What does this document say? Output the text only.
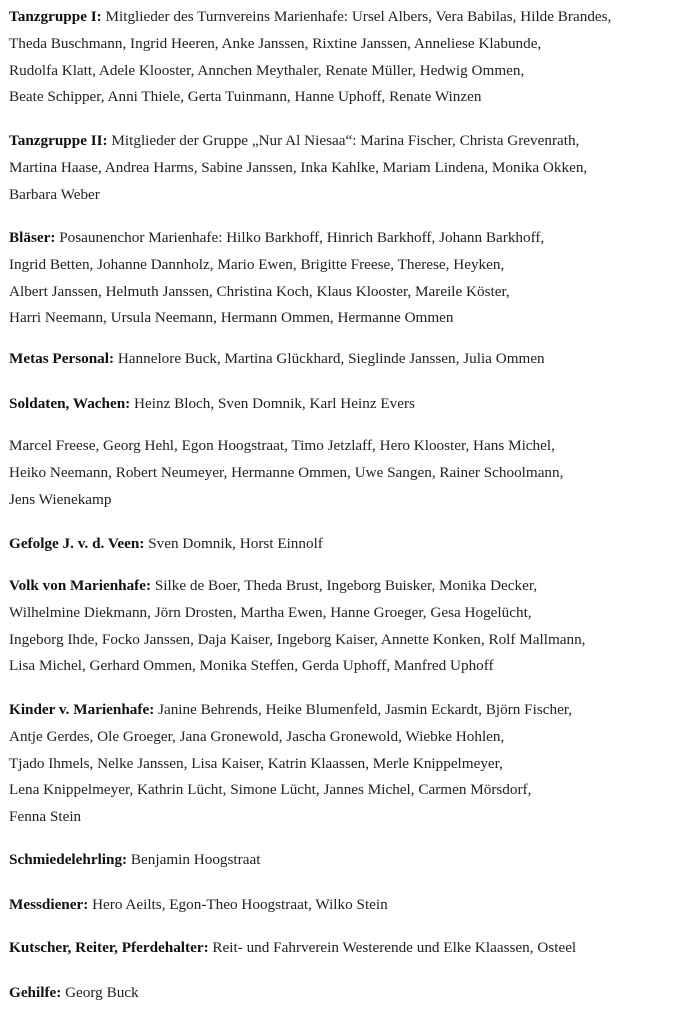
Tanzgruppe I: Mitglieder des Turnvereins Marienhafe: Ursel Albers, Vera Babilas, Hilde Brandes,
Theda Buschmann, Ingrid Heeren, Anke Janssen, Rixtine Janssen, Anneliese Klabunde,
Rudolfa Klatt, Adele Klooster, Annchen Meythaler, Renate Müller, Hedwig Ommen,
Beate Schipper, Anni Thiele, Gerta Tuinmann, Hanne Uphoff, Renate Winzen

Tanzgruppe II: Mitglieder der Gruppe „Nur Al Niesaa“: Marina Fischer, Christa Grevenrath,
Martina Haase, Andrea Harms, Sabine Janssen, Inka Kahlke, Mariam Lindena, Monika Okken,
Barbara Weber

Bläser: Posaunenchor Marienhafe: Hilko Barkhoff, Hinrich Barkhoff, Johann Barkhoff,
Ingrid Betten, Johanne Dannholz, Mario Ewen, Brigitte Freese, Therese, Heyken,
Albert Janssen, Helmuth Janssen, Christina Koch, Klaus Klooster, Mareile Köster,
Harri Neemann, Ursula Neemann, Hermann Ommen, Hermanne Ommen

Metas Personal: Hannelore Buck, Martina Glückhard, Sieglinde Janssen, Julia Ommen

Soldaten, Wachen: Heinz Bloch, Sven Domnik, Karl Heinz Evers

Marcel Freese, Georg Hehl, Egon Hoogstraat, Timo Jetzlaff, Hero Klooster, Hans Michel,
Heiko Neemann, Robert Neumeyer, Hermanne Ommen, Uwe Sangen, Rainer Schoolmann,
Jens Wienekamp

Gefolge J. v. d. Veen: Sven Domnik, Horst Einnolf

Volk von Marienhafe: Silke de Boer, Theda Brust, Ingeborg Buisker, Monika Decker,
Wilhelmine Diekmann, Jörn Drosten, Martha Ewen, Hanne Groeger, Gesa Hogelücht,
Ingeborg Ihde, Focko Janssen, Daja Kaiser, Ingeborg Kaiser, Annette Konken, Rolf Mallmann,
Lisa Michel, Gerhard Ommen, Monika Steffen, Gerda Uphoff, Manfred Uphoff

Kinder v. Marienhafe: Janine Behrends, Heike Blumenfeld, Jasmin Eckardt, Björn Fischer,
Antje Gerdes, Ole Groeger, Jana Gronewold, Jascha Gronewold, Wiebke Hohlen,
Tjado Ihmels, Nelke Janssen, Lisa Kaiser, Katrin Klaassen, Merle Knippelmeyer,
Lena Knippelmeyer, Kathrin Lücht, Simone Lücht, Jannes Michel, Carmen Mörsdorf,
Fenna Stein

Schmiedelehrling: Benjamin Hoogstraat

Messdiener: Hero Aeilts, Egon-Theo Hoogstraat, Wilko Stein

Kutscher, Reiter, Pferdehalter: Reit- und Fahrverein Westerende und Elke Klaassen, Osteel

Gehilfe: Georg Buck
